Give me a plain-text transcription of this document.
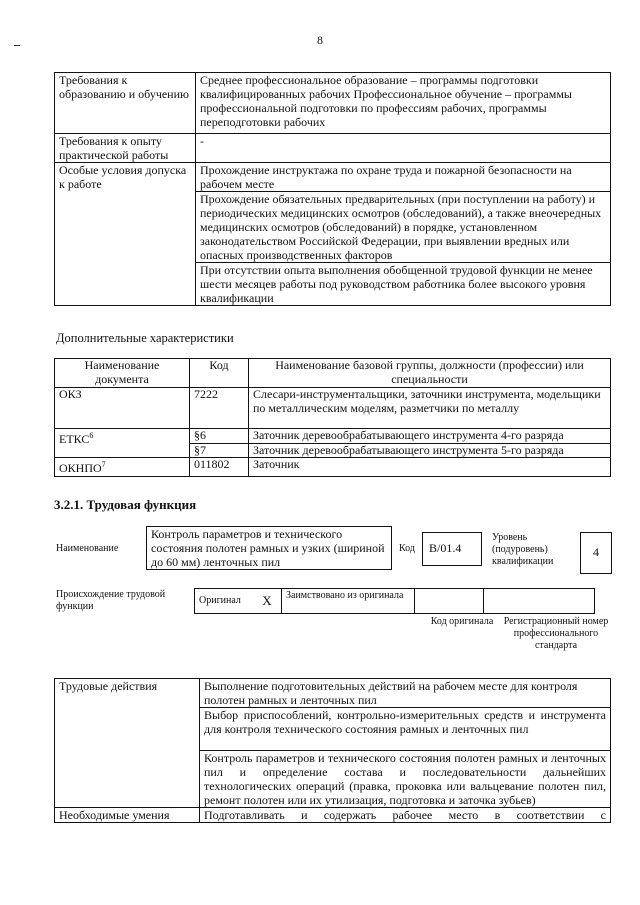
8
Требования к образованию и обучению	Среднее профессиональное образование – программы подготовки квалифицированных рабочих Профессиональное обучение – программы профессиональной подготовки по профессиям рабочих, программы переподготовки рабочих
Требования к опыту практической работы	-
Особые условия допуска к работе	Прохождение инструктажа по охране труда и пожарной безопасности на рабочем месте
	Прохождение обязательных предварительных (при поступлении на работу) и периодических медицинских осмотров (обследований), а также внеочередных медицинских осмотров (обследований) в порядке, установленном законодательством Российской Федерации, при выявлении вредных или опасных производственных факторов
	При отсутствии опыта выполнения обобщенной трудовой функции не менее шести месяцев работы под руководством работника более высокого уровня квалификации
Дополнительные характеристики
Наименование документа	Код	Наименование базовой группы, должности (профессии) или специальности
ОКЗ	7222	Слесари-инструментальщики, заточники инструмента, модельщики по металлическим моделям, разметчики по металлу
ЕТКС$^6$	§6	Заточник деревообрабатывающего инструмента 4-го разряда
	§7	Заточник деревообрабатывающего инструмента 5-го разряда
ОКНПО$^7$	011802	Заточник
3.2.1. Трудовая функция
Наименование
Контроль параметров и технического состояния полотен рамных и узких (шириной до 60 мм) ленточных пил
Код	B/01.4
Уровень (подуровень) квалификации
4
Происхождение трудовой функции
Оригинал	X	Заимствовано из оригинала		
Код оригинала	Регистрационный номер профессионального стандарта
Трудовые действия	Выполнение подготовительных действий на рабочем месте для контроля полотен рамных и ленточных пил
	Выбор приспособлений, контрольно-измерительных средств и инструмента для контроля технического состояния рамных и ленточных пил
	Контроль параметров и технического состояния полотен рамных и ленточных пил и определение состава и последовательности дальнейших технологических операций (правка, проковка или вальцевание полотен пил, ремонт полотен или их утилизация, подготовка и заточка зубьев)
Необходимые умения	Подготавливать и содержать рабочее место в соответствии с
